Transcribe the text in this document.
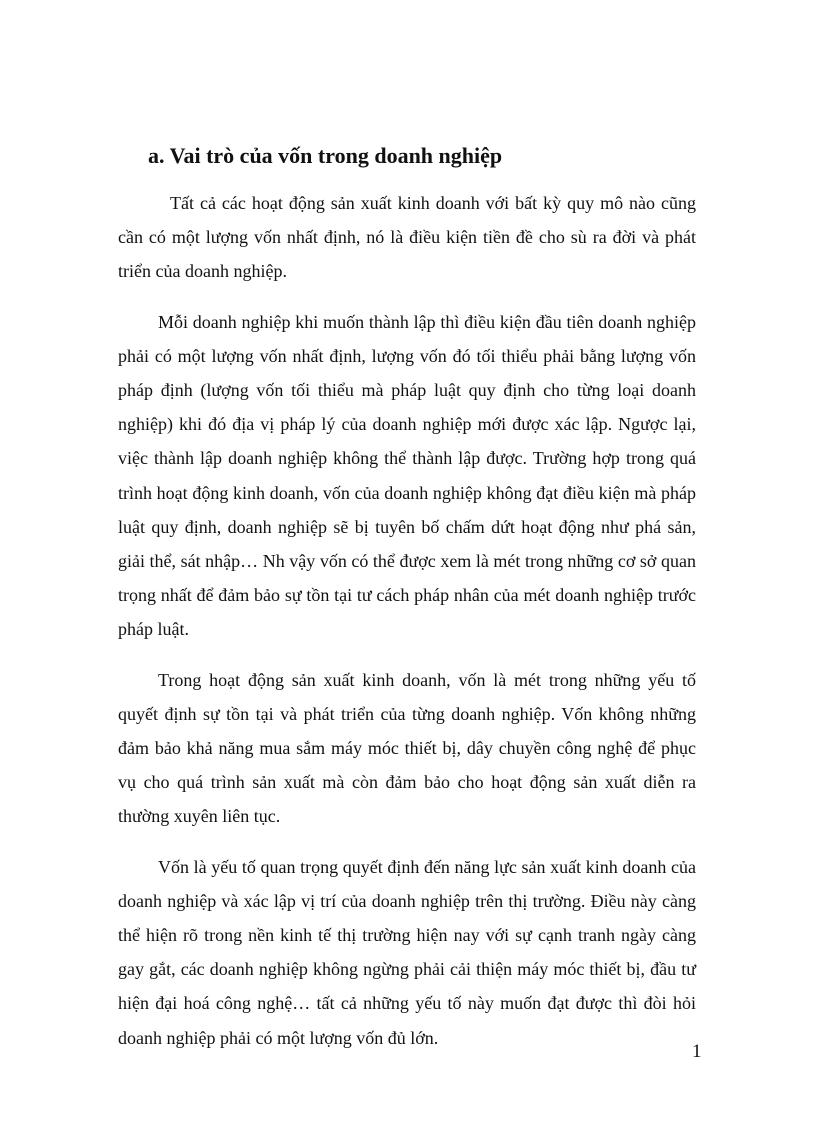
a. Vai trò của vốn trong doanh nghiệp

Tất cả các hoạt động sản xuất kinh doanh với bất kỳ quy mô nào cũng cần có một lượng vốn nhất định, nó là điều kiện tiền đề cho sù ra đời và phát triển của doanh nghiệp.

Mỗi doanh nghiệp khi muốn thành lập thì điều kiện đầu tiên doanh nghiệp phải có một lượng vốn nhất định, lượng vốn đó tối thiểu phải bằng lượng vốn pháp định (lượng vốn tối thiểu mà pháp luật quy định cho từng loại doanh nghiệp) khi đó địa vị pháp lý của doanh nghiệp mới được xác lập. Ngược lại, việc thành lập doanh nghiệp không thể thành lập được. Trường hợp trong quá trình hoạt động kinh doanh, vốn của doanh nghiệp không đạt điều kiện mà pháp luật quy định, doanh nghiệp sẽ bị tuyên bố chấm dứt hoạt động như phá sản, giải thể, sát nhập… Nh vậy vốn có thể được xem là mét trong những cơ sở quan trọng nhất để đảm bảo sự tồn tại tư cách pháp nhân của mét doanh nghiệp trước pháp luật.

Trong hoạt động sản xuất kinh doanh, vốn là mét trong những yếu tố quyết định sự tồn tại và phát triển của từng doanh nghiệp. Vốn không những đảm bảo khả năng mua sắm máy móc thiết bị, dây chuyền công nghệ để phục vụ cho quá trình sản xuất mà còn đảm bảo cho hoạt động sản xuất diễn ra thường xuyên liên tục.

Vốn là yếu tố quan trọng quyết định đến năng lực sản xuất kinh doanh của doanh nghiệp và xác lập vị trí của doanh nghiệp trên thị trường. Điều này càng thể hiện rõ trong nền kinh tế thị trường hiện nay với sự cạnh tranh ngày càng gay gắt, các doanh nghiệp không ngừng phải cải thiện máy móc thiết bị, đầu tư hiện đại hoá công nghệ… tất cả những yếu tố này muốn đạt được thì đòi hỏi doanh nghiệp phải có một lượng vốn đủ lớn.

1
